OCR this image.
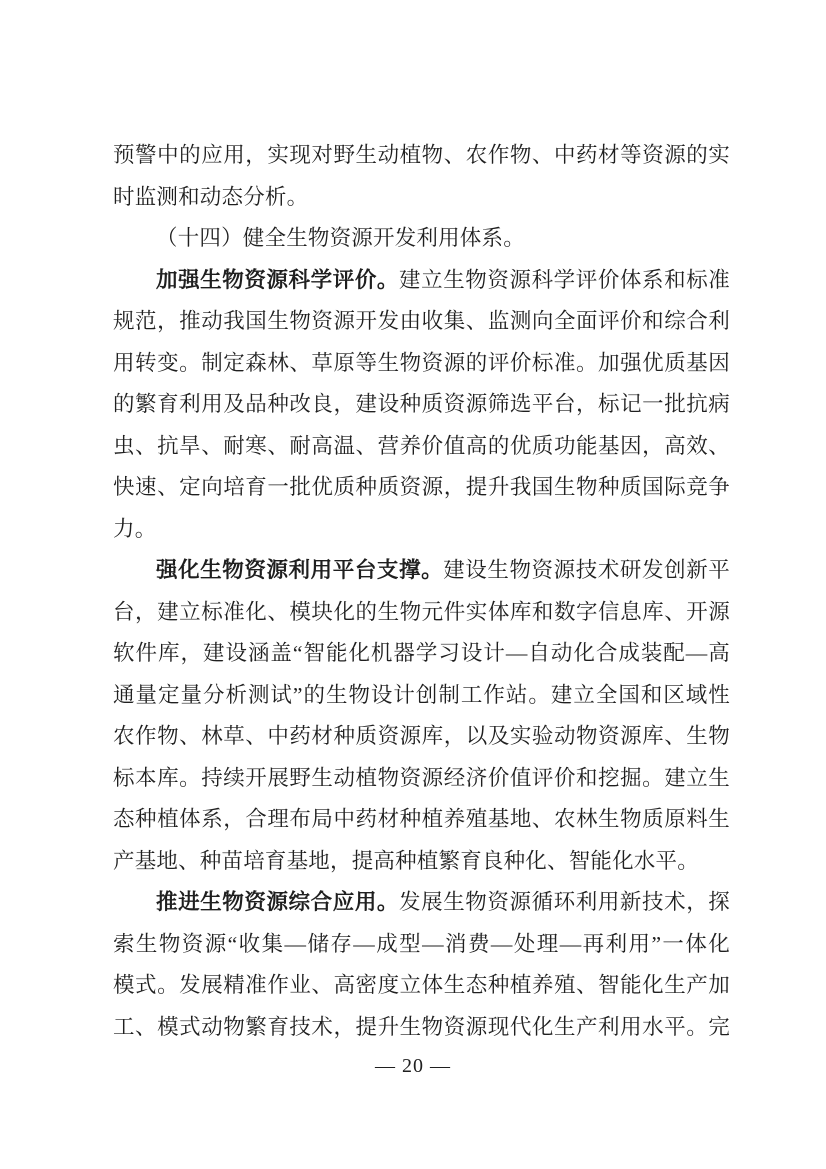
预警中的应用，实现对野生动植物、农作物、中药材等资源的实
时监测和动态分析。
（十四）健全生物资源开发利用体系。
加强生物资源科学评价。建立生物资源科学评价体系和标准
规范，推动我国生物资源开发由收集、监测向全面评价和综合利
用转变。制定森林、草原等生物资源的评价标准。加强优质基因
的繁育利用及品种改良，建设种质资源筛选平台，标记一批抗病
虫、抗旱、耐寒、耐高温、营养价值高的优质功能基因，高效、
快速、定向培育一批优质种质资源，提升我国生物种质国际竞争
力。
强化生物资源利用平台支撑。建设生物资源技术研发创新平
台，建立标准化、模块化的生物元件实体库和数字信息库、开源
软件库，建设涵盖“智能化机器学习设计—自动化合成装配—高
通量定量分析测试”的生物设计创制工作站。建立全国和区域性
农作物、林草、中药材种质资源库，以及实验动物资源库、生物
标本库。持续开展野生动植物资源经济价值评价和挖掘。建立生
态种植体系，合理布局中药材种植养殖基地、农林生物质原料生
产基地、种苗培育基地，提高种植繁育良种化、智能化水平。
推进生物资源综合应用。发展生物资源循环利用新技术，探
索生物资源“收集—储存—成型—消费—处理—再利用”一体化
模式。发展精准作业、高密度立体生态种植养殖、智能化生产加
工、模式动物繁育技术，提升生物资源现代化生产利用水平。完
— 20 —
